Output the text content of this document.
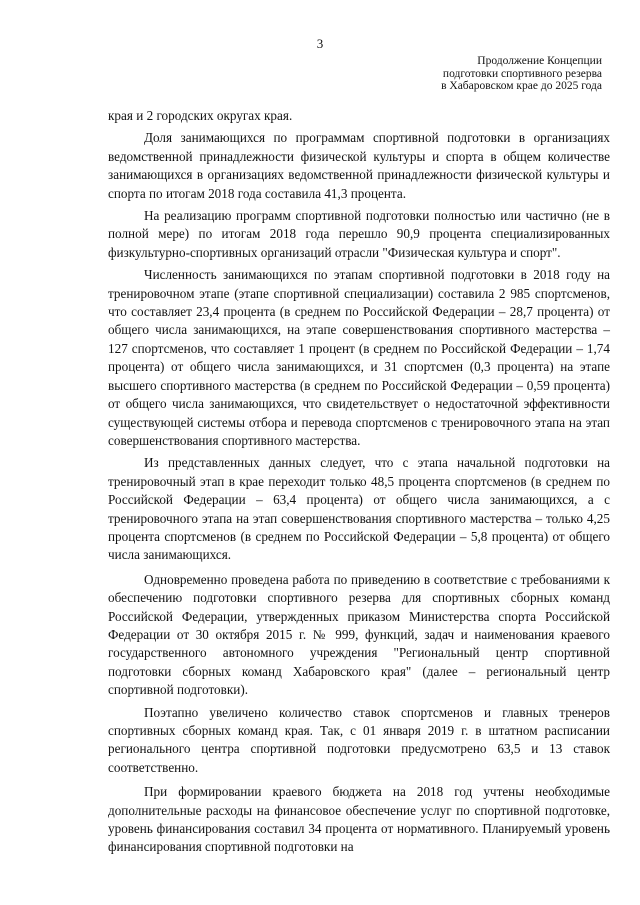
3
Продолжение Концепции
подготовки спортивного резерва
в Хабаровском крае до 2025 года

края и 2 городских округах края.

Доля занимающихся по программам спортивной подготовки в организациях ведомственной принадлежности физической культуры и спорта в общем количестве занимающихся в организациях ведомственной принадлежности физической культуры и спорта по итогам 2018 года составила 41,3 процента.

На реализацию программ спортивной подготовки полностью или частично (не в полной мере) по итогам 2018 года перешло 90,9 процента специализированных физкультурно-спортивных организаций отрасли "Физическая культура и спорт".

Численность занимающихся по этапам спортивной подготовки в 2018 году на тренировочном этапе (этапе спортивной специализации) составила 2 985 спортсменов, что составляет 23,4 процента (в среднем по Российской Федерации – 28,7 процента) от общего числа занимающихся, на этапе совершенствования спортивного мастерства – 127 спортсменов, что составляет 1 процент (в среднем по Российской Федерации – 1,74 процента) от общего числа занимающихся, и 31 спортсмен (0,3 процента) на этапе высшего спортивного мастерства (в среднем по Российской Федерации – 0,59 процента) от общего числа занимающихся, что свидетельствует о недостаточной эффективности существующей системы отбора и перевода спортсменов с тренировочного этапа на этап совершенствования спортивного мастерства.

Из представленных данных следует, что с этапа начальной подготовки на тренировочный этап в крае переходит только 48,5 процента спортсменов (в среднем по Российской Федерации – 63,4 процента) от общего числа занимающихся, а с тренировочного этапа на этап совершенствования спортивного мастерства – только 4,25 процента спортсменов (в среднем по Российской Федерации – 5,8 процента) от общего числа занимающихся.

Одновременно проведена работа по приведению в соответствие с требованиями к обеспечению подготовки спортивного резерва для спортивных сборных команд Российской Федерации, утвержденных приказом Министерства спорта Российской Федерации от 30 октября 2015 г. № 999, функций, задач и наименования краевого государственного автономного учреждения "Региональный центр спортивной подготовки сборных команд Хабаровского края" (далее – региональный центр спортивной подготовки).

Поэтапно увеличено количество ставок спортсменов и главных тренеров спортивных сборных команд края. Так, с 01 января 2019 г. в штатном расписании регионального центра спортивной подготовки предусмотрено 63,5 и 13 ставок соответственно.

При формировании краевого бюджета на 2018 год учтены необходимые дополнительные расходы на финансовое обеспечение услуг по спортивной подготовке, уровень финансирования составил 34 процента от нормативного. Планируемый уровень финансирования спортивной подготовки на
